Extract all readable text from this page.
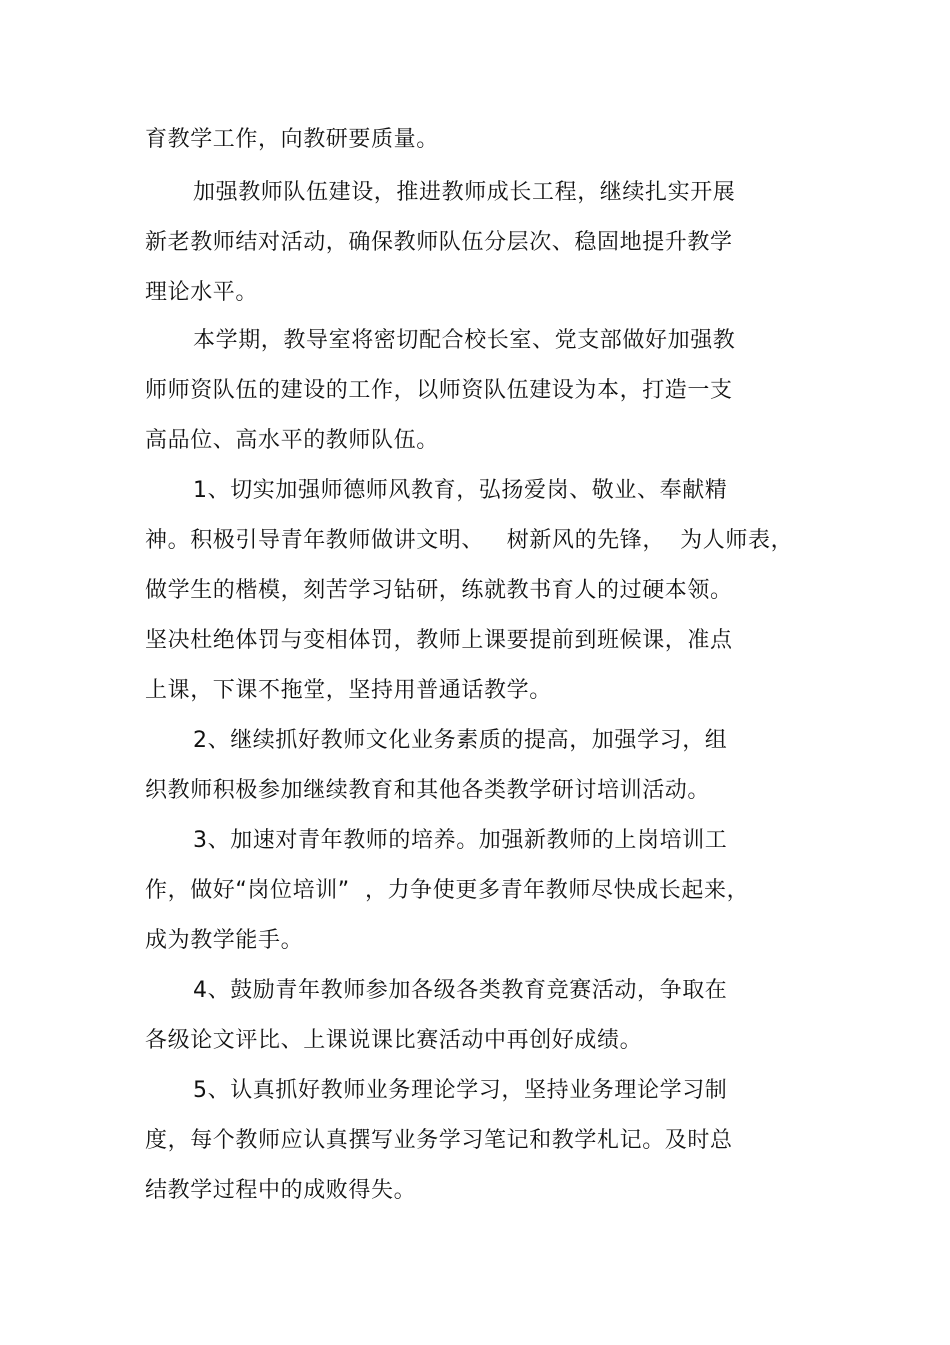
育教学工作，向教研要质量。
加强教师队伍建设，推进教师成长工程，继续扎实开展
新老教师结对活动，确保教师队伍分层次、稳固地提升教学
理论水平。
本学期，教导室将密切配合校长室、党支部做好加强教
师师资队伍的建设的工作，以师资队伍建设为本，打造一支
高品位、高水平的教师队伍。
1、切实加强师德师风教育，弘扬爱岗、敬业、奉献精
神。积极引导青年教师做讲文明、   树新风的先锋，  为人师表，
做学生的楷模，刻苦学习钻研，练就教书育人的过硬本领。
坚决杜绝体罚与变相体罚，教师上课要提前到班候课，准点
上课，下课不拖堂，坚持用普通话教学。
2、继续抓好教师文化业务素质的提高，加强学习，组
织教师积极参加继续教育和其他各类教学研讨培训活动。
3、加速对青年教师的培养。加强新教师的上岗培训工
作，做好“岗位培训”  ，力争使更多青年教师尽快成长起来，
成为教学能手。
4、鼓励青年教师参加各级各类教育竞赛活动，争取在
各级论文评比、上课说课比赛活动中再创好成绩。
5、认真抓好教师业务理论学习，坚持业务理论学习制
度，每个教师应认真撰写业务学习笔记和教学札记。及时总
结教学过程中的成败得失。
